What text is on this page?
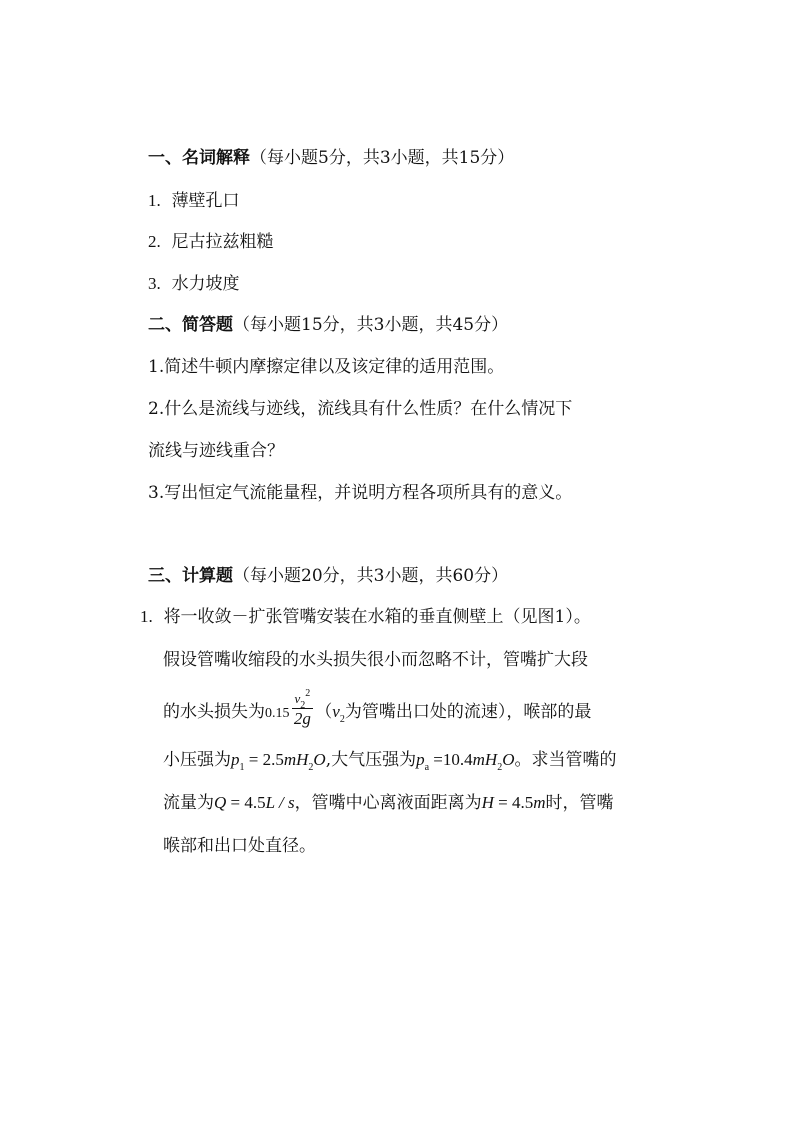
一、名词解释（每小题5分，共3小题，共15分）
1. 薄壁孔口
2. 尼古拉兹粗糙
3. 水力坡度
二、简答题（每小题15分，共3小题，共45分）
1.简述牛顿内摩擦定律以及该定律的适用范围。
2.什么是流线与迹线，流线具有什么性质？在什么情况下
流线与迹线重合？
3.写出恒定气流能量程，并说明方程各项所具有的意义。
三、计算题（每小题20分，共3小题，共60分）
1. 将一收敛－扩张管嘴安装在水箱的垂直侧壁上（见图1）。
假设管嘴收缩段的水头损失很小而忽略不计，管嘴扩大段
的水头损失为$0.15 \frac{v_2^2}{2g} (v_2$为管嘴出口处的流速），喉部的最
小压强为$p_1 = 2.5mH_2O$,大气压强为$p_a =10.4mH_2O$。求当管嘴的
流量为Q = 4.5L / s，管嘴中心离液面距离为H = 4.5m时，管嘴
喉部和出口处直径。
